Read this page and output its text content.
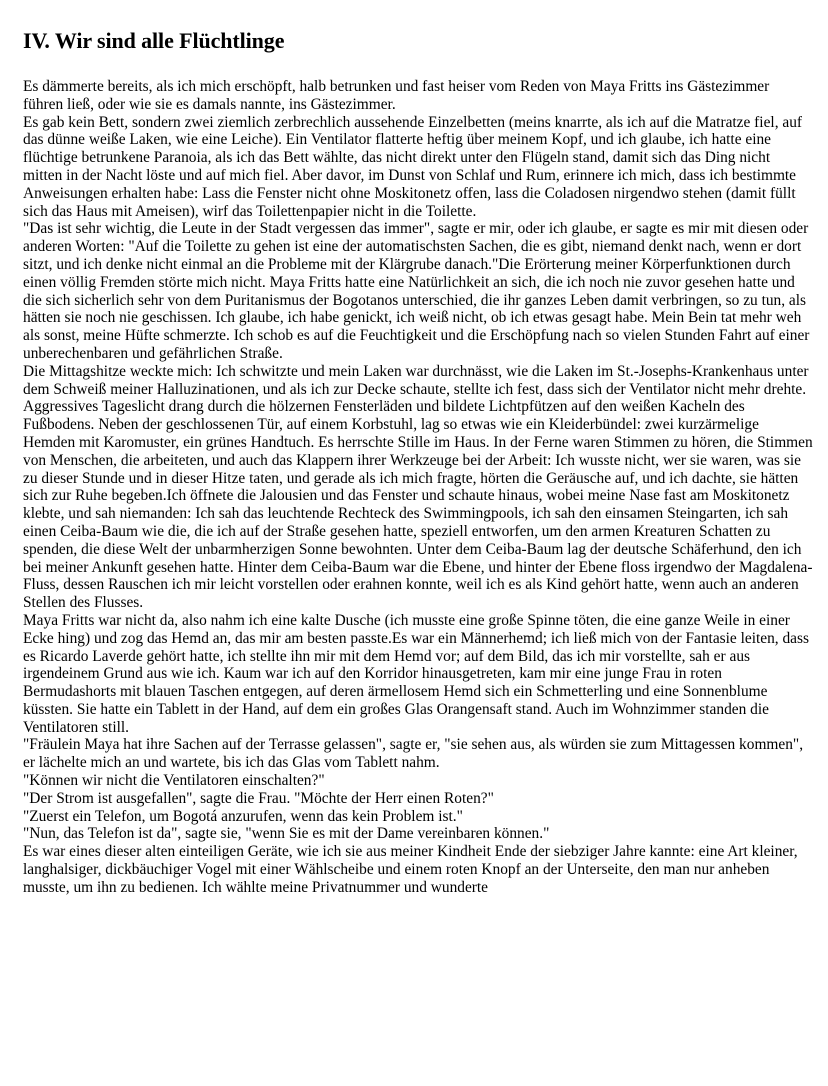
IV. Wir sind alle Flüchtlinge

Es dämmerte bereits, als ich mich erschöpft, halb betrunken und fast heiser vom Reden von Maya Fritts ins Gästezimmer führen ließ, oder wie sie es damals nannte, ins Gästezimmer.

Es gab kein Bett, sondern zwei ziemlich zerbrechlich aussehende Einzelbetten (meins knarrte, als ich auf die Matratze fiel, auf das dünne weiße Laken, wie eine Leiche). Ein Ventilator flatterte heftig über meinem Kopf, und ich glaube, ich hatte eine flüchtige betrunkene Paranoia, als ich das Bett wählte, das nicht direkt unter den Flügeln stand, damit sich das Ding nicht mitten in der Nacht löste und auf mich fiel. Aber davor, im Dunst von Schlaf und Rum, erinnere ich mich, dass ich bestimmte Anweisungen erhalten habe: Lass die Fenster nicht ohne Moskitonetz offen, lass die Coladosen nirgendwo stehen (damit füllt sich das Haus mit Ameisen), wirf das Toilettenpapier nicht in die Toilette.

"Das ist sehr wichtig, die Leute in der Stadt vergessen das immer", sagte er mir, oder ich glaube, er sagte es mir mit diesen oder anderen Worten: "Auf die Toilette zu gehen ist eine der automatischsten Sachen, die es gibt, niemand denkt nach, wenn er dort sitzt, und ich denke nicht einmal an die Probleme mit der Klärgrube danach."Die Erörterung meiner Körperfunktionen durch einen völlig Fremden störte mich nicht. Maya Fritts hatte eine Natürlichkeit an sich, die ich noch nie zuvor gesehen hatte und die sich sicherlich sehr von dem Puritanismus der Bogotanos unterschied, die ihr ganzes Leben damit verbringen, so zu tun, als hätten sie noch nie geschissen. Ich glaube, ich habe genickt, ich weiß nicht, ob ich etwas gesagt habe. Mein Bein tat mehr weh als sonst, meine Hüfte schmerzte. Ich schob es auf die Feuchtigkeit und die Erschöpfung nach so vielen Stunden Fahrt auf einer unberechenbaren und gefährlichen Straße.

Die Mittagshitze weckte mich: Ich schwitzte und mein Laken war durchnässt, wie die Laken im St.-Josephs-Krankenhaus unter dem Schweiß meiner Halluzinationen, und als ich zur Decke schaute, stellte ich fest, dass sich der Ventilator nicht mehr drehte.

Aggressives Tageslicht drang durch die hölzernen Fensterläden und bildete Lichtpfützen auf den weißen Kacheln des Fußbodens. Neben der geschlossenen Tür, auf einem Korbstuhl, lag so etwas wie ein Kleiderbündel: zwei kurzärmelige Hemden mit Karomuster, ein grünes Handtuch. Es herrschte Stille im Haus. In der Ferne waren Stimmen zu hören, die Stimmen von Menschen, die arbeiteten, und auch das Klappern ihrer Werkzeuge bei der Arbeit: Ich wusste nicht, wer sie waren, was sie zu dieser Stunde und in dieser Hitze taten, und gerade als ich mich fragte, hörten die Geräusche auf, und ich dachte, sie hätten sich zur Ruhe begeben.Ich öffnete die Jalousien und das Fenster und schaute hinaus, wobei meine Nase fast am Moskitonetz klebte, und sah niemanden: Ich sah das leuchtende Rechteck des Swimmingpools, ich sah den einsamen Steingarten, ich sah einen Ceiba-Baum wie die, die ich auf der Straße gesehen hatte, speziell entworfen, um den armen Kreaturen Schatten zu spenden, die diese Welt der unbarmherzigen Sonne bewohnten. Unter dem Ceiba-Baum lag der deutsche Schäferhund, den ich bei meiner Ankunft gesehen hatte. Hinter dem Ceiba-Baum war die Ebene, und hinter der Ebene floss irgendwo der Magdalena-Fluss, dessen Rauschen ich mir leicht vorstellen oder erahnen konnte, weil ich es als Kind gehört hatte, wenn auch an anderen Stellen des Flusses.

Maya Fritts war nicht da, also nahm ich eine kalte Dusche (ich musste eine große Spinne töten, die eine ganze Weile in einer Ecke hing) und zog das Hemd an, das mir am besten passte.Es war ein Männerhemd; ich ließ mich von der Fantasie leiten, dass es Ricardo Laverde gehört hatte, ich stellte ihn mir mit dem Hemd vor; auf dem Bild, das ich mir vorstellte, sah er aus irgendeinem Grund aus wie ich. Kaum war ich auf den Korridor hinausgetreten, kam mir eine junge Frau in roten Bermudashorts mit blauen Taschen entgegen, auf deren ärmellosem Hemd sich ein Schmetterling und eine Sonnenblume küssten. Sie hatte ein Tablett in der Hand, auf dem ein großes Glas Orangensaft stand. Auch im Wohnzimmer standen die Ventilatoren still.

"Fräulein Maya hat ihre Sachen auf der Terrasse gelassen", sagte er, "sie sehen aus, als würden sie zum Mittagessen kommen", er lächelte mich an und wartete, bis ich das Glas vom Tablett nahm.

"Können wir nicht die Ventilatoren einschalten?"

"Der Strom ist ausgefallen", sagte die Frau. "Möchte der Herr einen Roten?"

"Zuerst ein Telefon, um Bogotá anzurufen, wenn das kein Problem ist."

"Nun, das Telefon ist da", sagte sie, "wenn Sie es mit der Dame vereinbaren können."

Es war eines dieser alten einteiligen Geräte, wie ich sie aus meiner Kindheit Ende der siebziger Jahre kannte: eine Art kleiner, langhalsiger, dickbäuchiger Vogel mit einer Wählscheibe und einem roten Knopf an der Unterseite, den man nur anheben musste, um ihn zu bedienen. Ich wählte meine Privatnummer und wunderte
